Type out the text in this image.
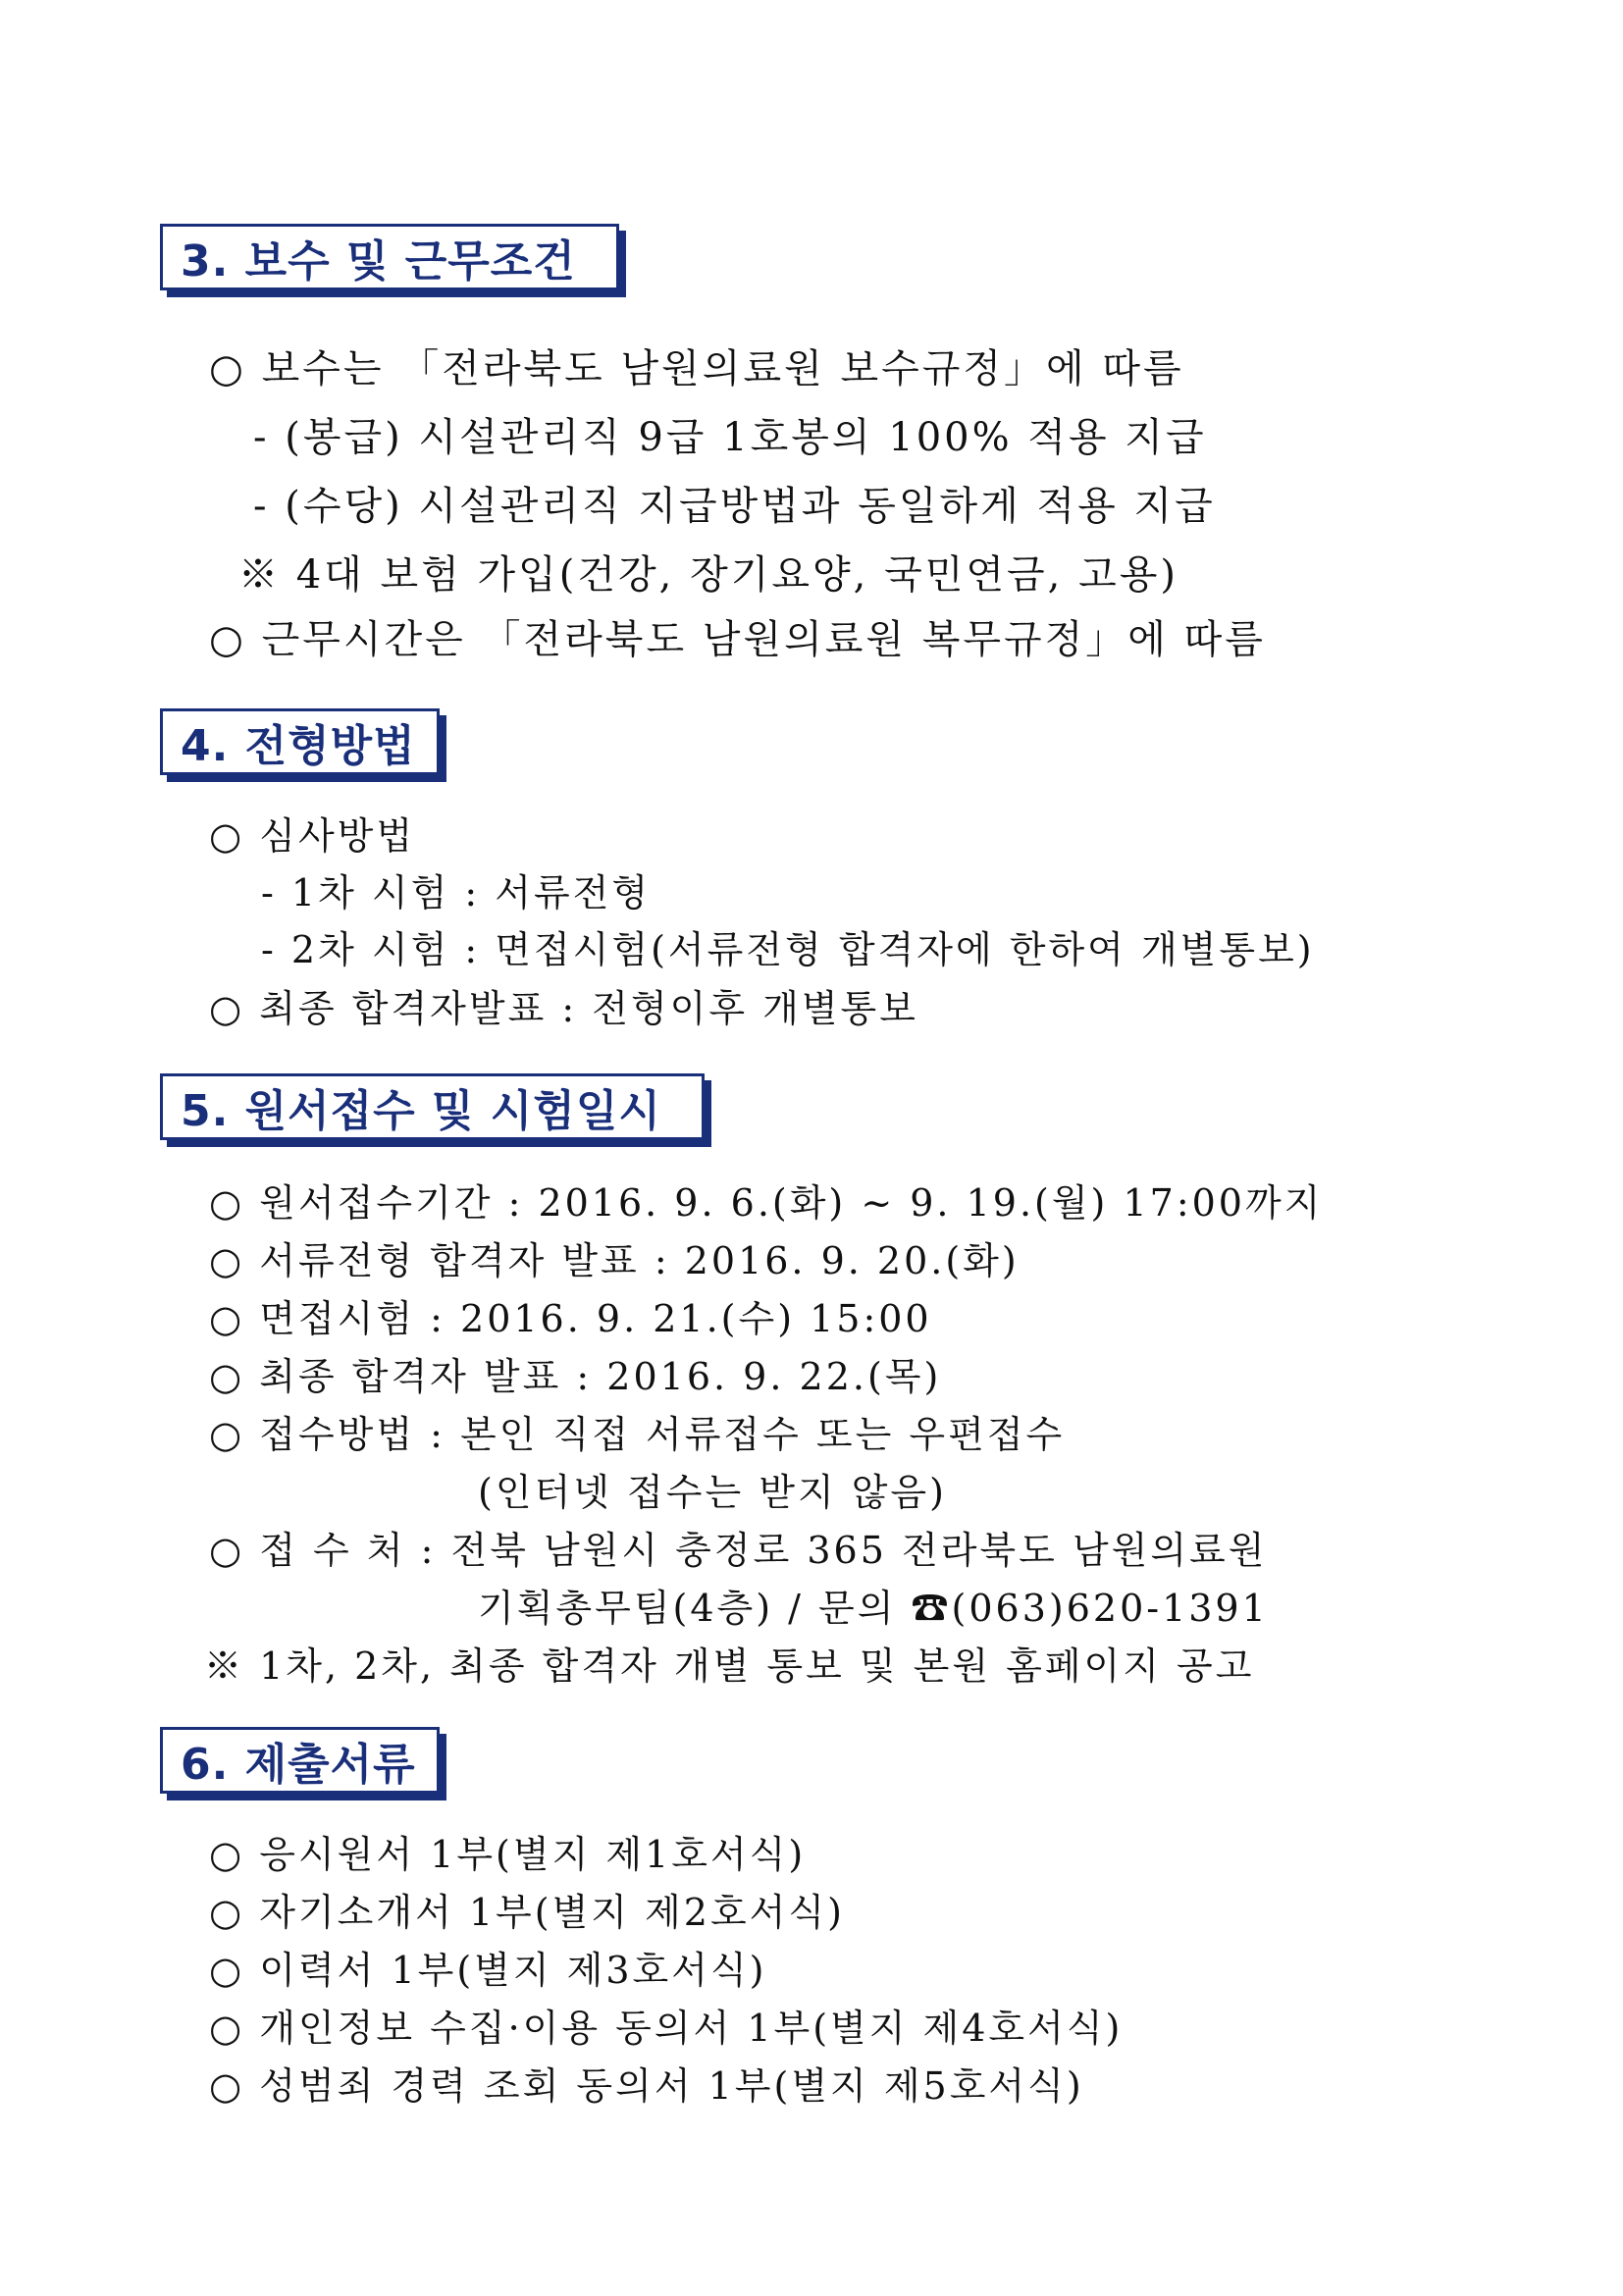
3. 보수 및 근무조건
○ 보수는 「전라북도 남원의료원 보수규정」에 따름
- (봉급) 시설관리직 9급 1호봉의 100% 적용 지급
- (수당) 시설관리직 지급방법과 동일하게 적용 지급
※ 4대 보험 가입(건강, 장기요양, 국민연금, 고용)
○ 근무시간은 「전라북도 남원의료원 복무규정」에 따름
4. 전형방법
○ 심사방법
- 1차 시험 : 서류전형
- 2차 시험 : 면접시험(서류전형 합격자에 한하여 개별통보)
○ 최종 합격자발표 : 전형이후 개별통보
5. 원서접수 및 시험일시
○ 원서접수기간 : 2016. 9. 6.(화) ~ 9. 19.(월) 17:00까지
○ 서류전형 합격자 발표 : 2016. 9. 20.(화)
○ 면접시험 : 2016. 9. 21.(수) 15:00
○ 최종 합격자 발표 : 2016. 9. 22.(목)
○ 접수방법 : 본인 직접 서류접수 또는 우편접수
(인터넷 접수는 받지 않음)
○ 접 수 처 : 전북 남원시 충정로 365 전라북도 남원의료원
기획총무팀(4층) / 문의 ☎(063)620-1391
※ 1차, 2차, 최종 합격자 개별 통보 및 본원 홈페이지 공고
6. 제출서류
○ 응시원서 1부(별지 제1호서식)
○ 자기소개서 1부(별지 제2호서식)
○ 이력서 1부(별지 제3호서식)
○ 개인정보 수집·이용 동의서 1부(별지 제4호서식)
○ 성범죄 경력 조회 동의서 1부(별지 제5호서식)
